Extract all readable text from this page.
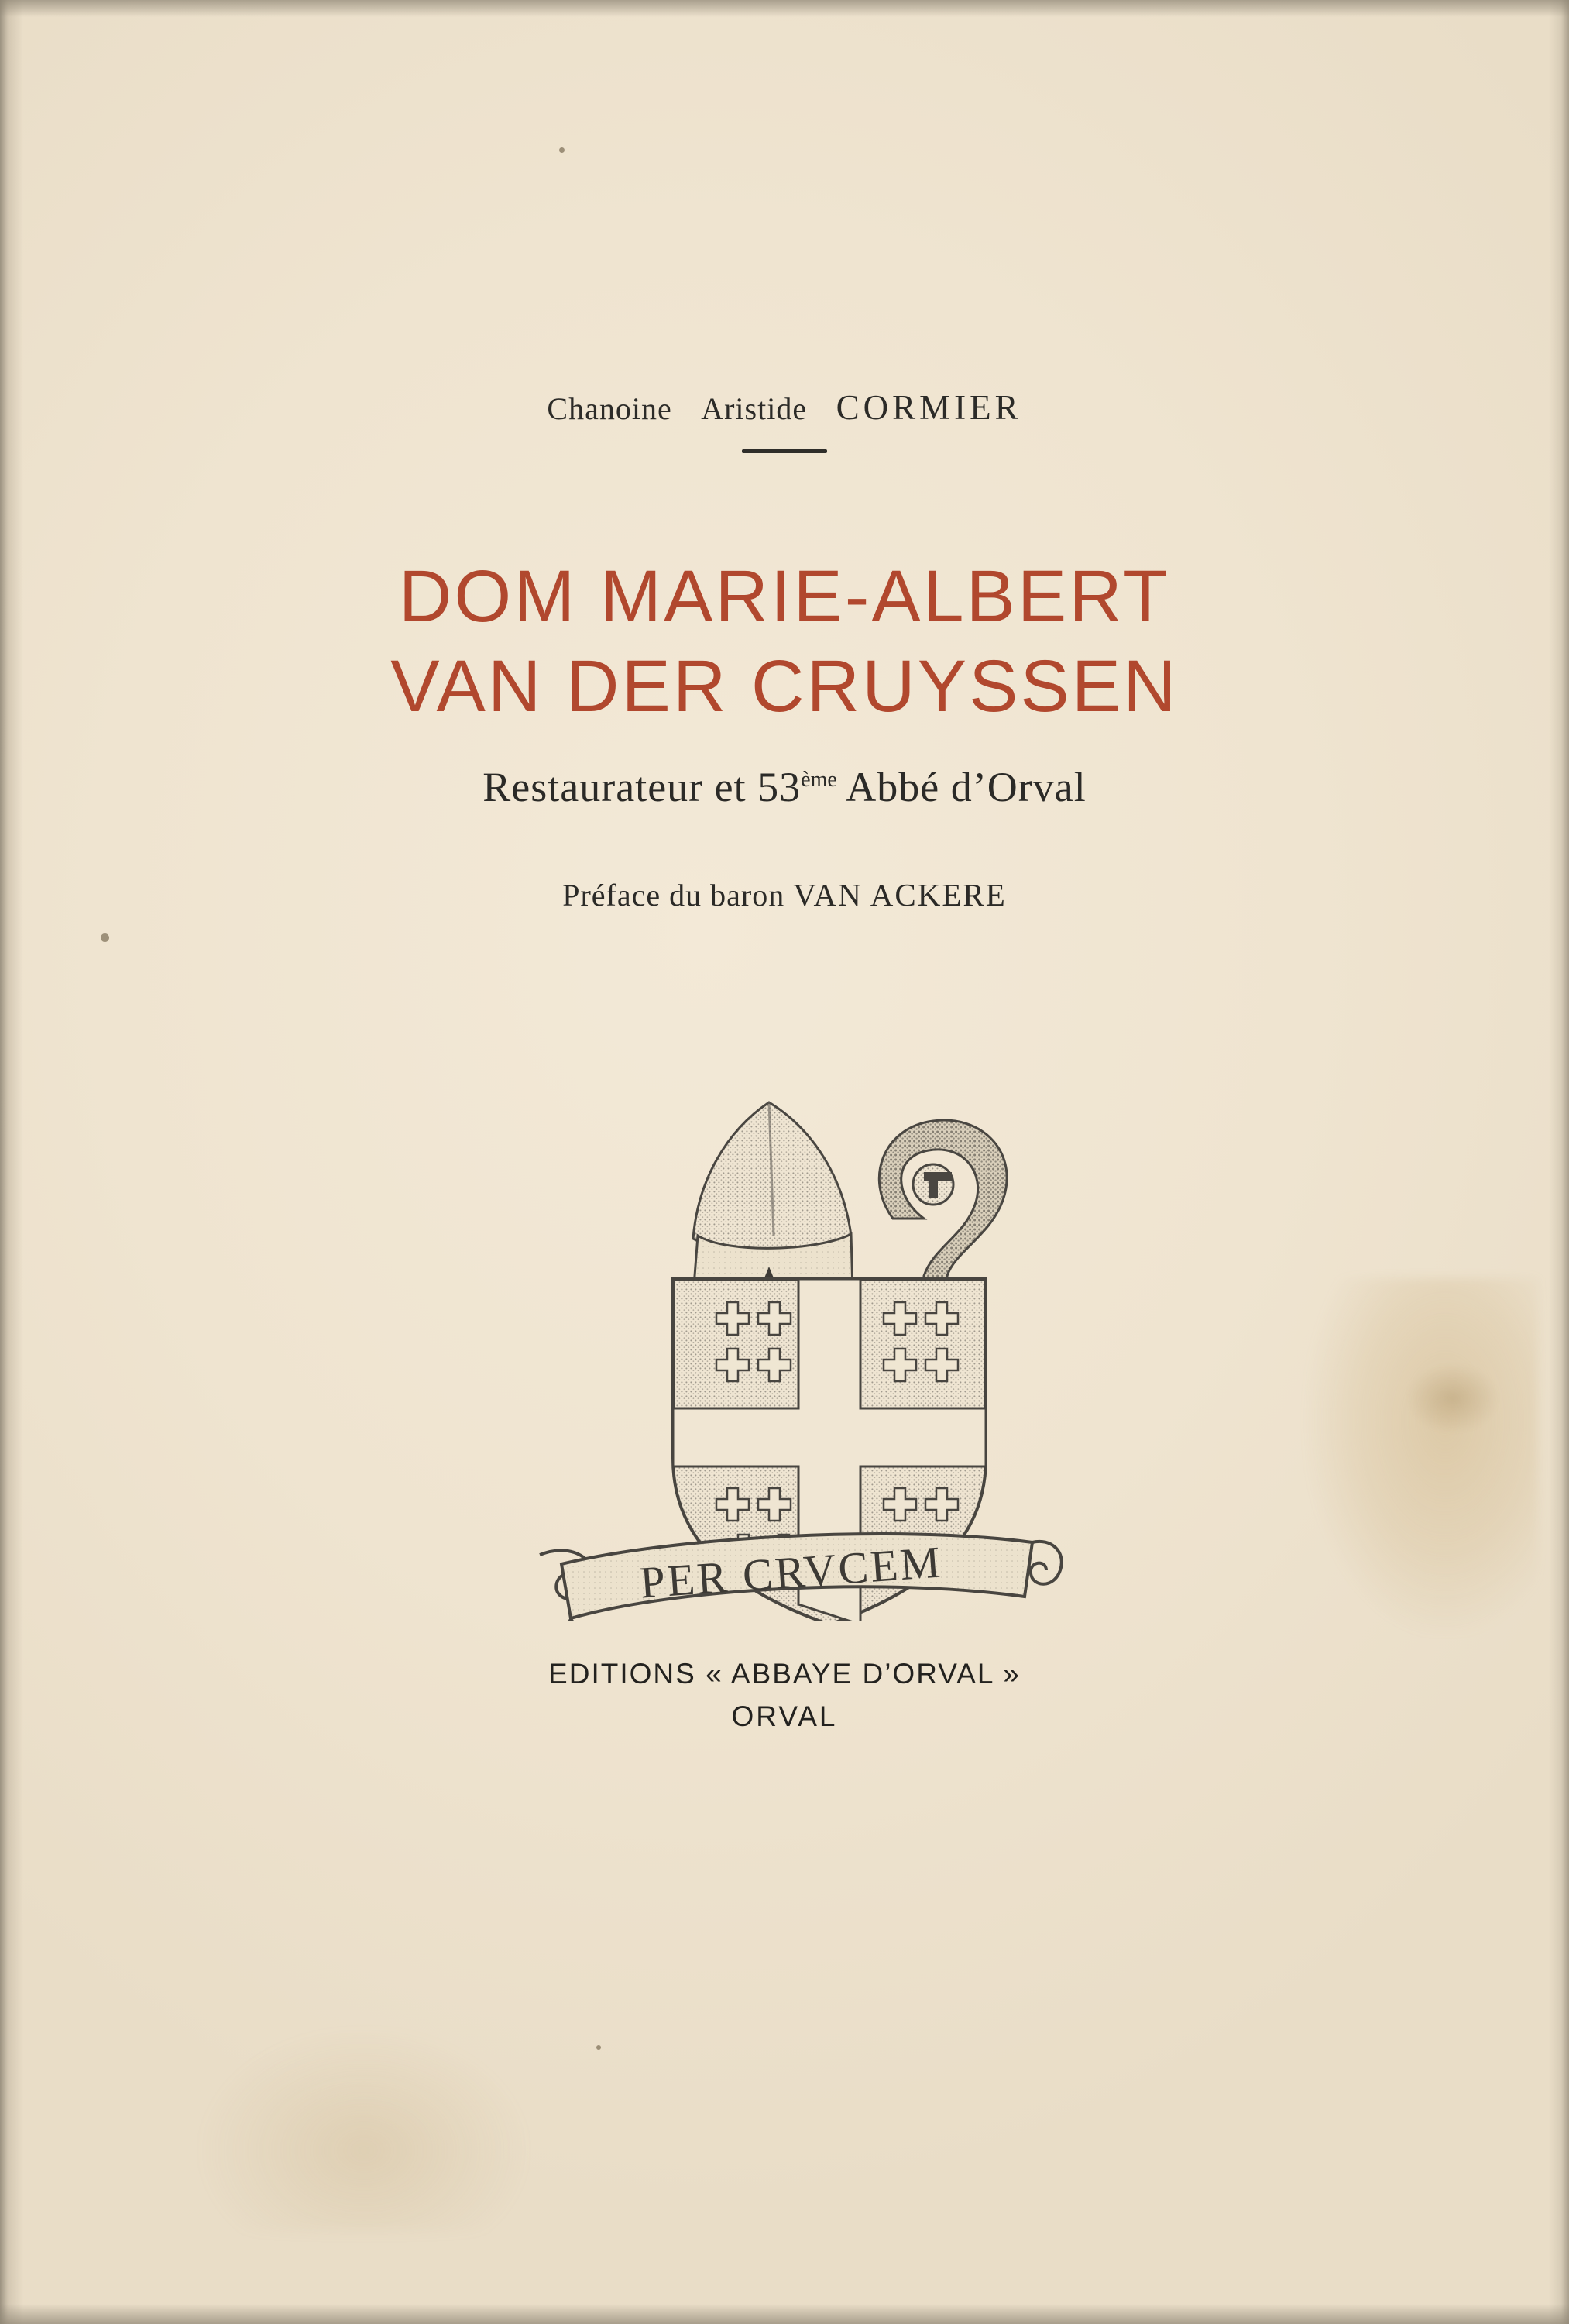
Chanoine Aristide CORMIER
DOM MARIE-ALBERT
VAN DER CRUYSSEN
Restaurateur et 53ème Abbé d’Orval
Préface du baron VAN ACKERE
PER CRVCEM
EDITIONS « ABBAYE D’ORVAL »
ORVAL
